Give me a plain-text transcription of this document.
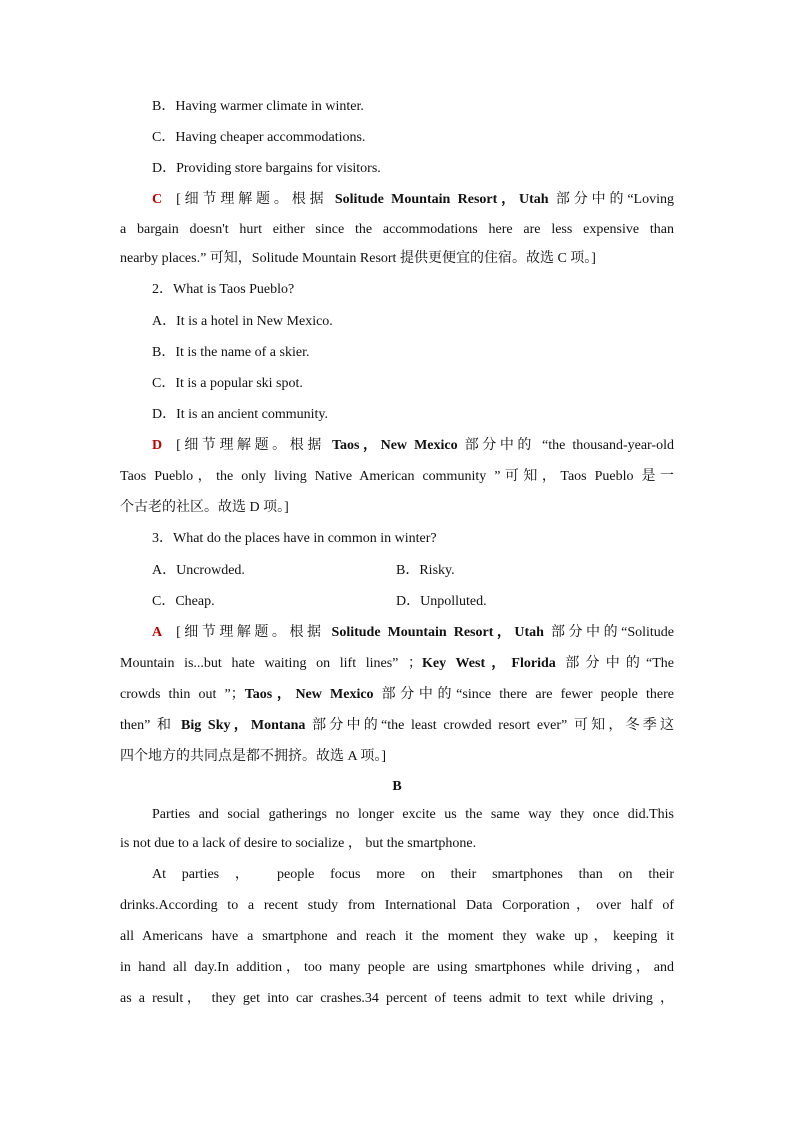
B．Having warmer climate in winter.
C．Having cheaper accommodations.
D．Providing store bargains for visitors.
C [细节理解题。根据 Solitude Mountain Resort，Utah 部分中的“Loving
a bargain doesn't hurt either since the accommodations here are less expensive than
nearby places.” 可知，Solitude Mountain Resort 提供更便宜的住宿。故选 C 项。]
2．What is Taos Pueblo?
A．It is a hotel in New Mexico.
B．It is the name of a skier.
C．It is a popular ski spot.
D．It is an ancient community.
D [细节理解题。根据 Taos，New Mexico 部分中的 “the thousand-year-old
Taos Pueblo，the only living Native American community ”可知，Taos Pueblo 是一
个古老的社区。故选 D 项。]
3．What do the places have in common in winter?
A．Uncrowded.	B．Risky.
C．Cheap.	D．Unpolluted.
A [细节理解题。根据 Solitude Mountain Resort，Utah 部分中的“Solitude
Mountain is...but hate waiting on lift lines” ；Key West，Florida 部分中的“The
crowds thin out ”；Taos，New Mexico 部分中的“since there are fewer people there
then” 和 Big Sky，Montana 部分中的“the least crowded resort ever” 可知，冬季这
四个地方的共同点是都不拥挤。故选 A 项。]
B
Parties and social gatherings no longer excite us the same way they once did.This
is not due to a lack of desire to socialize ， but the smartphone.
At parties ， people focus more on their smartphones than on their
drinks.According to a recent study from International Data Corporation，over half of
all Americans have a smartphone and reach it the moment they wake up，keeping it
in hand all day.In addition，too many people are using smartphones while driving，and
as a result， they get into car crashes.34 percent of teens admit to text while driving ，
